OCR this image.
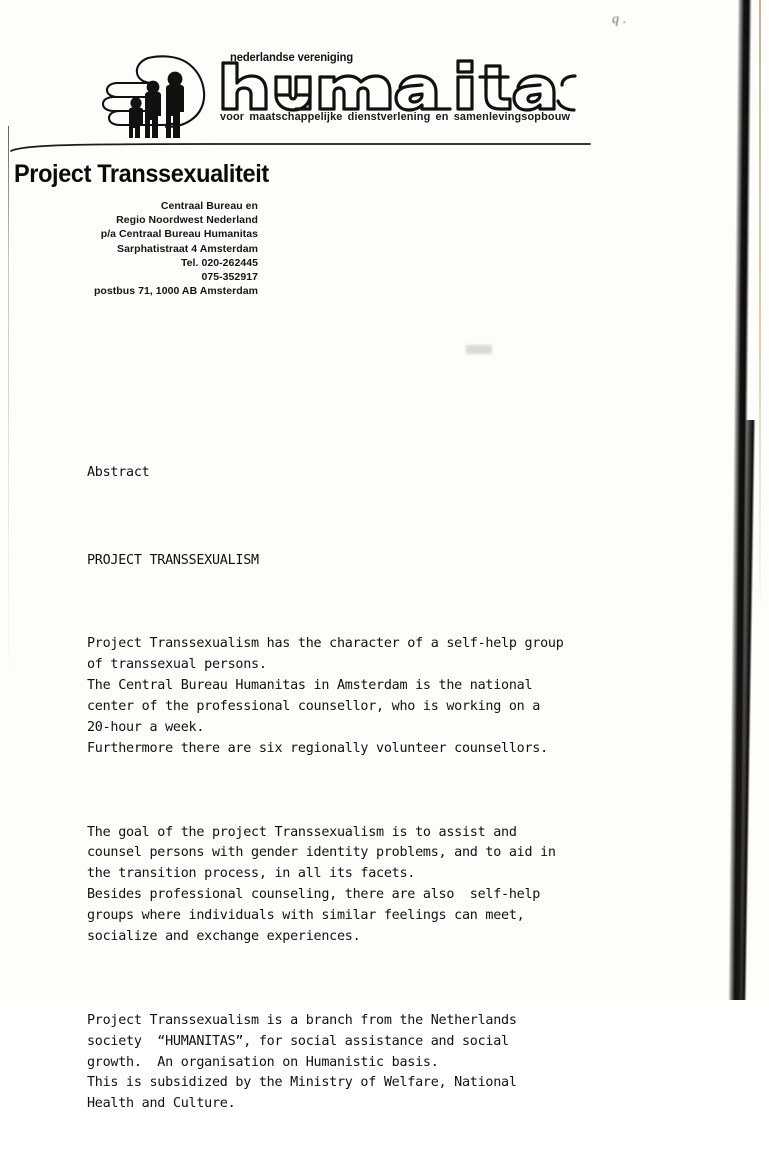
q.
nederlandse vereniging
voor maatschappelijke dienstverlening en samenlevingsopbouw
Project Transsexualiteit
Centraal Bureau en
Regio Noordwest Nederland
p/a Centraal Bureau Humanitas
Sarphatistraat 4 Amsterdam
Tel. 020-262445
075-352917
postbus 71, 1000 AB Amsterdam

Abstract

PROJECT TRANSSEXUALISM

Project Transsexualism has the character of a self-help group
of transsexual persons.
The Central Bureau Humanitas in Amsterdam is the national
center of the professional counsellor, who is working on a
20-hour a week.
Furthermore there are six regionally volunteer counsellors.

The goal of the project Transsexualism is to assist and
counsel persons with gender identity problems, and to aid in
the transition process, in all its facets.
Besides professional counseling, there are also  self-help
groups where individuals with similar feelings can meet,
socialize and exchange experiences.

Project Transsexualism is a branch from the Netherlands
society  “HUMANITAS”, for social assistance and social
growth.  An organisation on Humanistic basis.
This is subsidized by the Ministry of Welfare, National
Health and Culture.
